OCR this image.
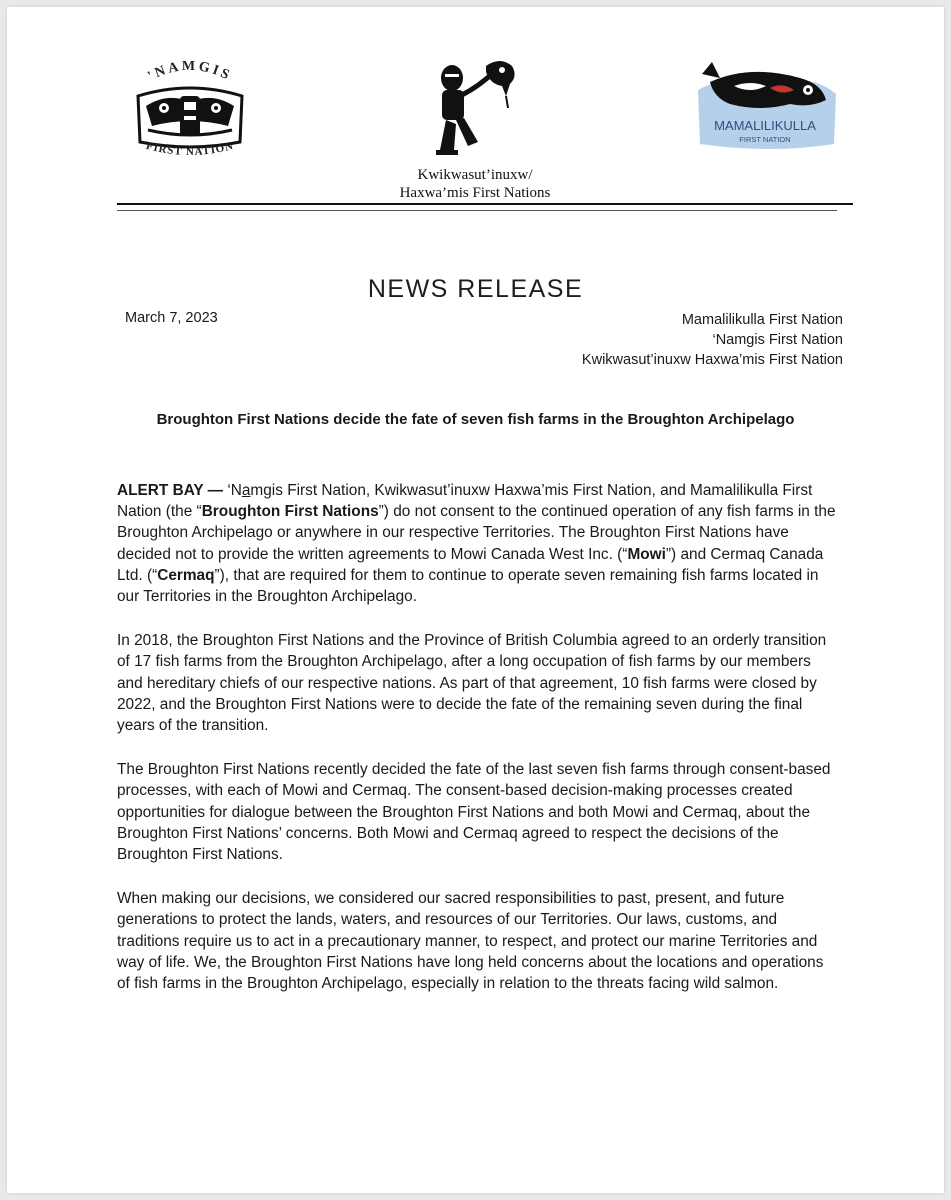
'NAMGIS
FIRST NATION
Kwikwasut’inuxw/
Haxwa’mis First Nations
MAMALILIKULLA
FIRST NATION
NEWS RELEASE
March 7, 2023	Mamalilikulla First Nation
‘Namgis First Nation
Kwikwasut’inuxw Haxwa’mis First Nation
Broughton First Nations decide the fate of seven fish farms in the Broughton Archipelago

ALERT BAY — ‘Namgis First Nation, Kwikwasut’inuxw Haxwa’mis First Nation, and Mamalilikulla First Nation (the “Broughton First Nations”) do not consent to the continued operation of any fish farms in the Broughton Archipelago or anywhere in our respective Territories. The Broughton First Nations have decided not to provide the written agreements to Mowi Canada West Inc. (“Mowi”) and Cermaq Canada Ltd. (“Cermaq”), that are required for them to continue to operate seven remaining fish farms located in our Territories in the Broughton Archipelago.

In 2018, the Broughton First Nations and the Province of British Columbia agreed to an orderly transition of 17 fish farms from the Broughton Archipelago, after a long occupation of fish farms by our members and hereditary chiefs of our respective nations. As part of that agreement, 10 fish farms were closed by 2022, and the Broughton First Nations were to decide the fate of the remaining seven during the final years of the transition.

The Broughton First Nations recently decided the fate of the last seven fish farms through consent-based processes, with each of Mowi and Cermaq. The consent-based decision-making processes created opportunities for dialogue between the Broughton First Nations and both Mowi and Cermaq, about the Broughton First Nations’ concerns. Both Mowi and Cermaq agreed to respect the decisions of the Broughton First Nations.

When making our decisions, we considered our sacred responsibilities to past, present, and future generations to protect the lands, waters, and resources of our Territories. Our laws, customs, and traditions require us to act in a precautionary manner, to respect, and protect our marine Territories and way of life. We, the Broughton First Nations have long held concerns about the locations and operations of fish farms in the Broughton Archipelago, especially in relation to the threats facing wild salmon.
